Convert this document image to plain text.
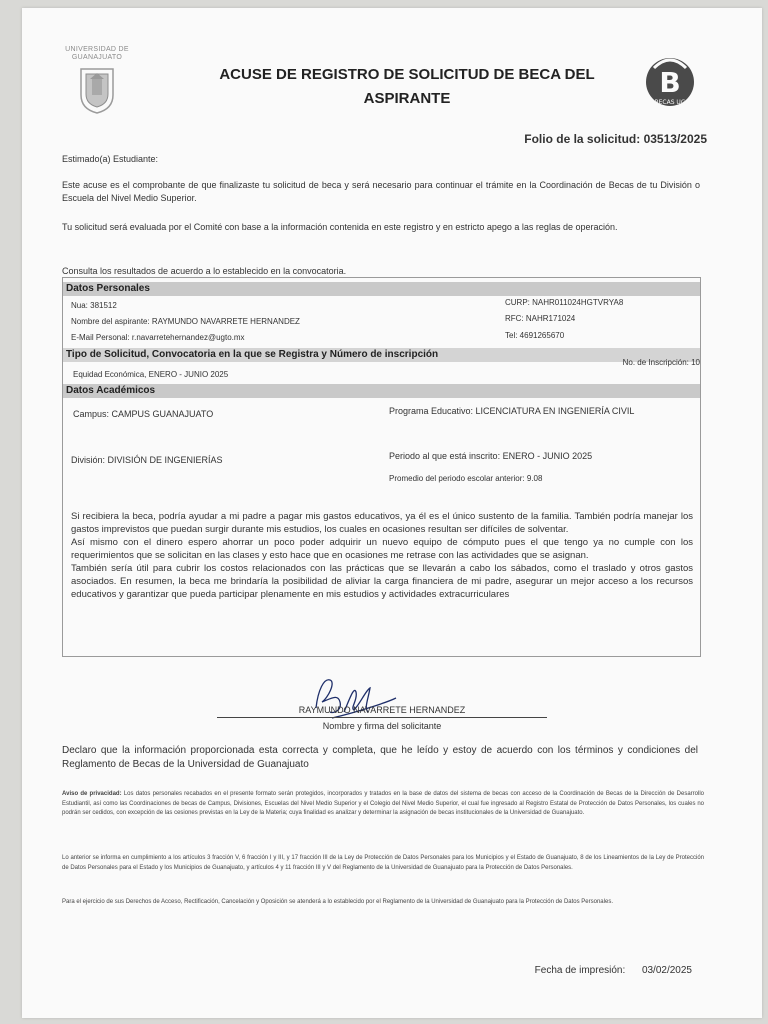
UNIVERSIDAD DE GUANAJUATO
ACUSE DE REGISTRO DE SOLICITUD DE BECA DEL ASPIRANTE	B
BECAS UG
Folio de la solicitud: 03513/2025
Estimado(a) Estudiante:
Este acuse es el comprobante de que finalizaste tu solicitud de beca y será necesario para continuar el trámite en la Coordinación de Becas de tu División o Escuela del Nivel Medio Superior.
Tu solicitud será evaluada por el Comité con base a la información contenida en este registro y en estricto apego a las reglas de operación.
Consulta los resultados de acuerdo a lo establecido en la convocatoria.
Datos Personales
Nua: 381512
Nombre del aspirante: RAYMUNDO NAVARRETE HERNANDEZ
E-Mail Personal: r.navarretehernandez@ugto.mx
CURP: NAHR011024HGTVRYA8
RFC: NAHR171024
Tel: 4691265670
Tipo de Solicitud, Convocatoria en la que se Registra y Número de inscripción
No. de Inscripción: 10
Equidad Económica, ENERO - JUNIO 2025
Datos Académicos
Campus: CAMPUS GUANAJUATO	Programa Educativo: LICENCIATURA EN INGENIERÍA CIVIL
División: DIVISIÓN DE INGENIERÍAS	Periodo al que está inscrito: ENERO - JUNIO 2025
Promedio del periodo escolar anterior: 9.08

Si recibiera la beca, podría ayudar a mi padre a pagar mis gastos educativos, ya él es el único sustento de la familia. También podría manejar los gastos imprevistos que puedan surgir durante mis estudios, los cuales en ocasiones resultan ser difíciles de solventar.

Así mismo con el dinero espero ahorrar un poco poder adquirir un nuevo equipo de cómputo pues el que tengo ya no cumple con los requerimientos que se solicitan en las clases y esto hace que en ocasiones me retrase con las actividades que se asignan.

También sería útil para cubrir los costos relacionados con las prácticas que se llevarán a cabo los sábados, como el traslado y otros gastos asociados. En resumen, la beca me brindaría la posibilidad de aliviar la carga financiera de mi padre, asegurar un mejor acceso a los recursos educativos y garantizar que pueda participar plenamente en mis estudios y actividades extracurriculares

RAYMUNDO NAVARRETE HERNANDEZ
Nombre y firma del solicitante
Declaro que la información proporcionada esta correcta y completa, que he leído y estoy de acuerdo con los términos y condiciones del Reglamento de Becas de la Universidad de Guanajuato
Aviso de privacidad: Los datos personales recabados en el presente formato serán protegidos, incorporados y tratados en la base de datos del sistema de becas con acceso de la Coordinación de Becas de la Dirección de Desarrollo Estudiantil, así como las Coordinaciones de becas de Campus, Divisiones, Escuelas del Nivel Medio Superior y el Colegio del Nivel Medio Superior, el cual fue ingresado al Registro Estatal de Protección de Datos Personales, los cuales no podrán ser cedidos, con excepción de las cesiones previstas en la Ley de la Materia; cuya finalidad es analizar y determinar la asignación de becas institucionales de la Universidad de Guanajuato.
Lo anterior se informa en cumplimiento a los artículos 3 fracción V, 6 fracción I y III, y 17 fracción III de la Ley de Protección de Datos Personales para los Municipios y el Estado de Guanajuato, 8 de los Lineamientos de la Ley de Protección de Datos Personales para el Estado y los Municipios de Guanajuato, y artículos 4 y 11 fracción III y V del Reglamento de la Universidad de Guanajuato para la Protección de Datos Personales.
Para el ejercicio de sus Derechos de Acceso, Rectificación, Cancelación y Oposición se atenderá a lo establecido por el Reglamento de la Universidad de Guanajuato para la Protección de Datos Personales.
Fecha de impresión: 03/02/2025
